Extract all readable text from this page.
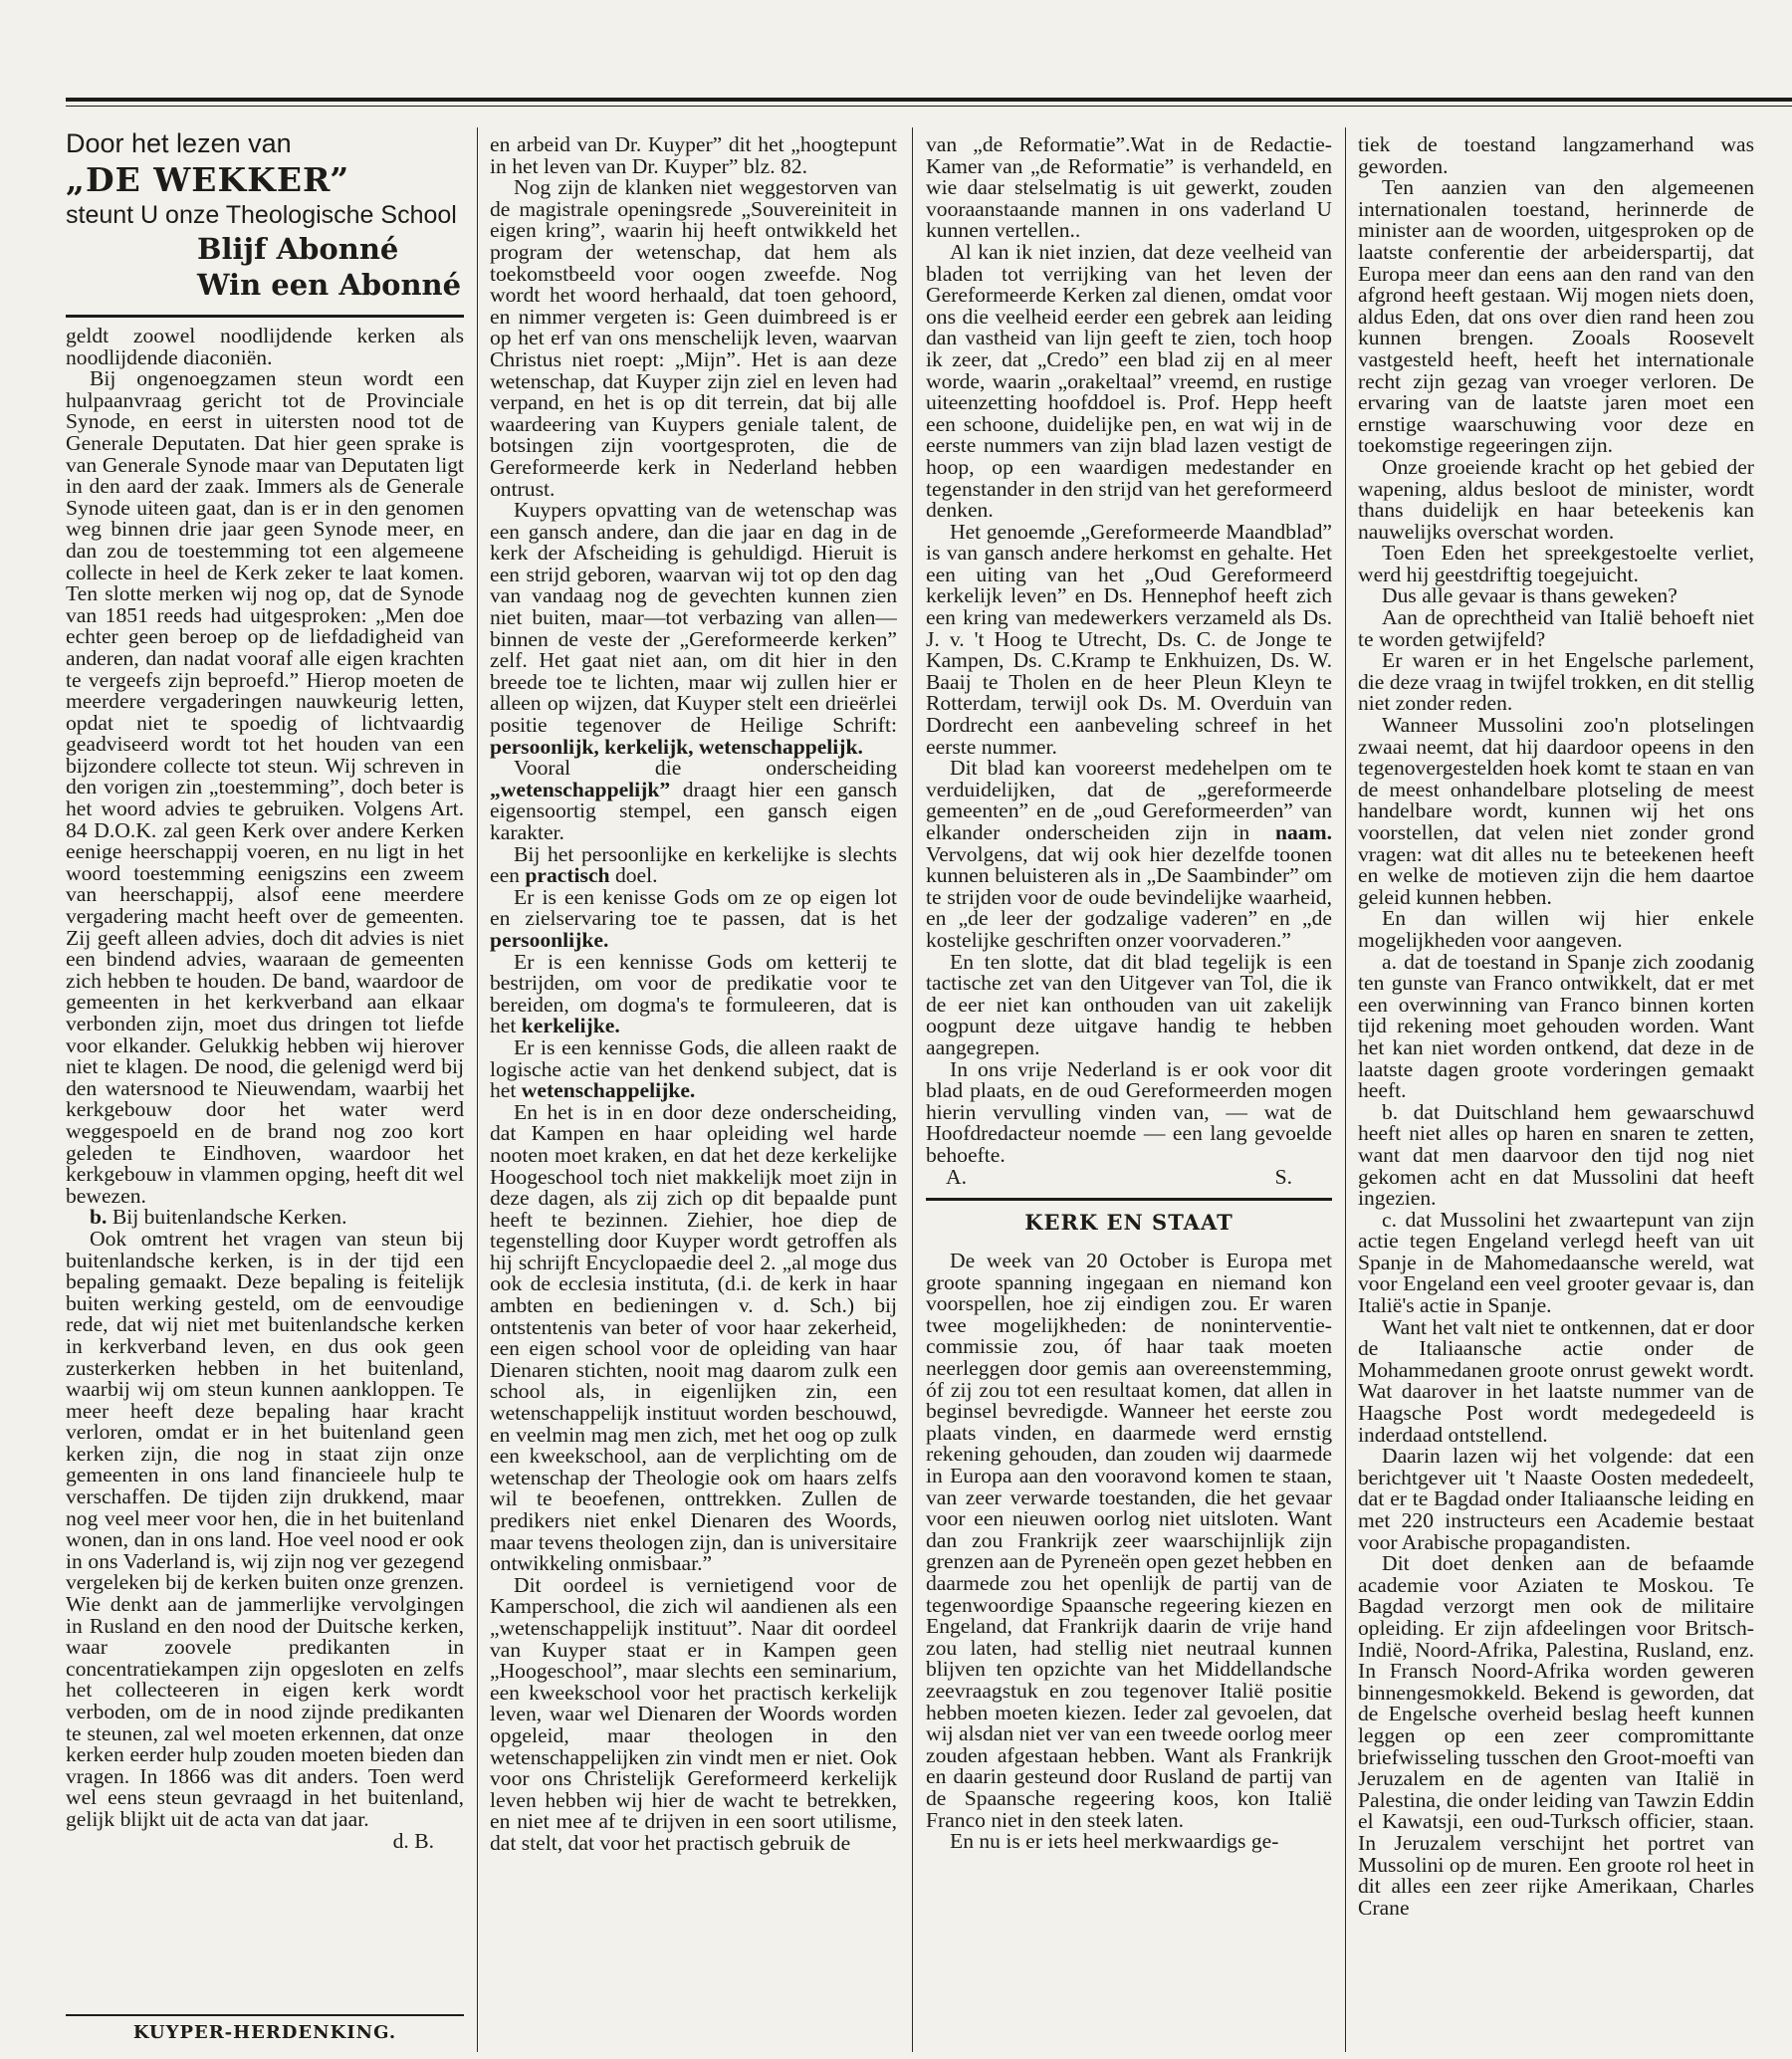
Door het lezen van
„DE WEKKER”
steunt U onze Theologische School
Blijf Abonné
Win een Abonné

geldt zoowel noodlijdende kerken als noodlijdende diaconiën.

Bij ongenoegzamen steun wordt een hulpaanvraag gericht tot de Provinciale Synode, en eerst in uitersten nood tot de Generale Deputaten. Dat hier geen sprake is van Generale Synode maar van Deputaten ligt in den aard der zaak. Immers als de Generale Synode uiteen gaat, dan is er in den genomen weg binnen drie jaar geen Synode meer, en dan zou de toestemming tot een algemeene collecte in heel de Kerk zeker te laat komen. Ten slotte merken wij nog op, dat de Synode van 1851 reeds had uitgesproken: „Men doe echter geen beroep op de liefdadigheid van anderen, dan nadat vooraf alle eigen krachten te vergeefs zijn beproefd.” Hierop moeten de meerdere vergaderingen nauwkeurig letten, opdat niet te spoedig of lichtvaardig geadviseerd wordt tot het houden van een bijzondere collecte tot steun. Wij schreven in den vorigen zin „toestemming”, doch beter is het woord advies te gebruiken. Volgens Art. 84 D.O.K. zal geen Kerk over andere Kerken eenige heerschappij voeren, en nu ligt in het woord toestemming eenigszins een zweem van heerschappij, alsof eene meerdere vergadering macht heeft over de gemeenten. Zij geeft alleen advies, doch dit advies is niet een bindend advies, waaraan de gemeenten zich hebben te houden. De band, waardoor de gemeenten in het kerkverband aan elkaar verbonden zijn, moet dus dringen tot liefde voor elkander. Gelukkig hebben wij hierover niet te klagen. De nood, die gelenigd werd bij den watersnood te Nieuwendam, waarbij het kerkgebouw door het water werd weggespoeld en de brand nog zoo kort geleden te Eindhoven, waardoor het kerkgebouw in vlammen opging, heeft dit wel bewezen.

b. Bij buitenlandsche Kerken.

Ook omtrent het vragen van steun bij buitenlandsche kerken, is in der tijd een bepaling gemaakt. Deze bepaling is feitelijk buiten werking gesteld, om de eenvoudige rede, dat wij niet met buitenlandsche kerken in kerkverband leven, en dus ook geen zusterkerken hebben in het buitenland, waarbij wij om steun kunnen aankloppen. Te meer heeft deze bepaling haar kracht verloren, omdat er in het buitenland geen kerken zijn, die nog in staat zijn onze gemeenten in ons land financieele hulp te verschaffen. De tijden zijn drukkend, maar nog veel meer voor hen, die in het buitenland wonen, dan in ons land. Hoe veel nood er ook in ons Vaderland is, wij zijn nog ver gezegend vergeleken bij de kerken buiten onze grenzen. Wie denkt aan de jammerlijke vervolgingen in Rusland en den nood der Duitsche kerken, waar zoovele predikanten in concentratiekampen zijn opgesloten en zelfs het collecteeren in eigen kerk wordt verboden, om de in nood zijnde predikanten te steunen, zal wel moeten erkennen, dat onze kerken eerder hulp zouden moeten bieden dan vragen. In 1866 was dit anders. Toen werd wel eens steun gevraagd in het buitenland, gelijk blijkt uit de acta van dat jaar.

d. B.
KUYPER-HERDENKING.

en arbeid van Dr. Kuyper” dit het „hoogtepunt in het leven van Dr. Kuyper” blz. 82.

Nog zijn de klanken niet weggestorven van de magistrale openingsrede „Souvereiniteit in eigen kring”, waarin hij heeft ontwikkeld het program der wetenschap, dat hem als toekomstbeeld voor oogen zweefde. Nog wordt het woord herhaald, dat toen gehoord, en nimmer vergeten is: Geen duimbreed is er op het erf van ons menschelijk leven, waarvan Christus niet roept: „Mijn”. Het is aan deze wetenschap, dat Kuyper zijn ziel en leven had verpand, en het is op dit terrein, dat bij alle waardeering van Kuypers geniale talent, de botsingen zijn voortgesproten, die de Gereformeerde kerk in Nederland hebben ontrust.

Kuypers opvatting van de wetenschap was een gansch andere, dan die jaar en dag in de kerk der Afscheiding is gehuldigd. Hieruit is een strijd geboren, waarvan wij tot op den dag van vandaag nog de gevechten kunnen zien niet buiten, maar—tot verbazing van allen—binnen de veste der „Gereformeerde kerken” zelf. Het gaat niet aan, om dit hier in den breede toe te lichten, maar wij zullen hier er alleen op wijzen, dat Kuyper stelt een drieërlei positie tegenover de Heilige Schrift: persoonlijk, kerkelijk, wetenschappelijk.

Vooral die onderscheiding „wetenschappelijk” draagt hier een gansch eigensoortig stempel, een gansch eigen karakter.

Bij het persoonlijke en kerkelijke is slechts een practisch doel.

Er is een kenisse Gods om ze op eigen lot en zielservaring toe te passen, dat is het persoonlijke.

Er is een kennisse Gods om ketterij te bestrijden, om voor de predikatie voor te bereiden, om dogma's te formuleeren, dat is het kerkelijke.

Er is een kennisse Gods, die alleen raakt de logische actie van het denkend subject, dat is het wetenschappelijke.

En het is in en door deze onderscheiding, dat Kampen en haar opleiding wel harde nooten moet kraken, en dat het deze kerkelijke Hoogeschool toch niet makkelijk moet zijn in deze dagen, als zij zich op dit bepaalde punt heeft te bezinnen. Ziehier, hoe diep de tegenstelling door Kuyper wordt getroffen als hij schrijft Encyclopaedie deel 2. „al moge dus ook de ecclesia instituta, (d.i. de kerk in haar ambten en bedieningen v. d. Sch.) bij ontstentenis van beter of voor haar zekerheid, een eigen school voor de opleiding van haar Dienaren stichten, nooit mag daarom zulk een school als, in eigenlijken zin, een wetenschappelijk instituut worden beschouwd, en veelmin mag men zich, met het oog op zulk een kweekschool, aan de verplichting om de wetenschap der Theologie ook om haars zelfs wil te beoefenen, onttrekken. Zullen de predikers niet enkel Dienaren des Woords, maar tevens theologen zijn, dan is universitaire ontwikkeling onmisbaar.”

Dit oordeel is vernietigend voor de Kamperschool, die zich wil aandienen als een „wetenschappelijk instituut”. Naar dit oordeel van Kuyper staat er in Kampen geen „Hoogeschool”, maar slechts een seminarium, een kweekschool voor het practisch kerkelijk leven, waar wel Dienaren der Woords worden opgeleid, maar theologen in den wetenschappelijken zin vindt men er niet. Ook voor ons Christelijk Gereformeerd kerkelijk leven hebben wij hier de wacht te betrekken, en niet mee af te drijven in een soort utilisme, dat stelt, dat voor het practisch gebruik de

van „de Reformatie”.Wat in de Redactie-Kamer van „de Reformatie” is verhandeld, en wie daar stelselmatig is uit gewerkt, zouden vooraanstaande mannen in ons vaderland U kunnen vertellen..

Al kan ik niet inzien, dat deze veelheid van bladen tot verrijking van het leven der Gereformeerde Kerken zal dienen, omdat voor ons die veelheid eerder een gebrek aan leiding dan vastheid van lijn geeft te zien, toch hoop ik zeer, dat „Credo” een blad zij en al meer worde, waarin „orakeltaal” vreemd, en rustige uiteenzetting hoofddoel is. Prof. Hepp heeft een schoone, duidelijke pen, en wat wij in de eerste nummers van zijn blad lazen vestigt de hoop, op een waardigen medestander en tegenstander in den strijd van het gereformeerd denken.

Het genoemde „Gereformeerde Maandblad” is van gansch andere herkomst en gehalte. Het een uiting van het „Oud Gereformeerd kerkelijk leven” en Ds. Hennephof heeft zich een kring van medewerkers verzameld als Ds. J. v. 't Hoog te Utrecht, Ds. C. de Jonge te Kampen, Ds. C.Kramp te Enkhuizen, Ds. W. Baaij te Tholen en de heer Pleun Kleyn te Rotterdam, terwijl ook Ds. M. Overduin van Dordrecht een aanbeveling schreef in het eerste nummer.

Dit blad kan vooreerst medehelpen om te verduidelijken, dat de „gereformeerde gemeenten” en de „oud Gereformeerden” van elkander onderscheiden zijn in naam. Vervolgens, dat wij ook hier dezelfde toonen kunnen beluisteren als in „De Saambinder” om te strijden voor de oude bevindelijke waarheid, en „de leer der godzalige vaderen” en „de kostelijke geschriften onzer voorvaderen.”

En ten slotte, dat dit blad tegelijk is een tactische zet van den Uitgever van Tol, die ik de eer niet kan onthouden van uit zakelijk oogpunt deze uitgave handig te hebben aangegrepen.

In ons vrije Nederland is er ook voor dit blad plaats, en de oud Gereformeerden mogen hierin vervulling vinden van, — wat de Hoofdredacteur noemde — een lang gevoelde behoefte.

A.	S.
KERK EN STAAT

De week van 20 October is Europa met groote spanning ingegaan en niemand kon voorspellen, hoe zij eindigen zou. Er waren twee mogelijkheden: de noninterventie-commissie zou, óf haar taak moeten neerleggen door gemis aan overeenstemming, óf zij zou tot een resultaat komen, dat allen in beginsel bevredigde. Wanneer het eerste zou plaats vinden, en daarmede werd ernstig rekening gehouden, dan zouden wij daarmede in Europa aan den vooravond komen te staan, van zeer verwarde toestanden, die het gevaar voor een nieuwen oorlog niet uitsloten. Want dan zou Frankrijk zeer waarschijnlijk zijn grenzen aan de Pyreneën open gezet hebben en daarmede zou het openlijk de partij van de tegenwoordige Spaansche regeering kiezen en Engeland, dat Frankrijk daarin de vrije hand zou laten, had stellig niet neutraal kunnen blijven ten opzichte van het Middellandsche zeevraagstuk en zou tegenover Italië positie hebben moeten kiezen. Ieder zal gevoelen, dat wij alsdan niet ver van een tweede oorlog meer zouden afgestaan hebben. Want als Frankrijk en daarin gesteund door Rusland de partij van de Spaansche regeering koos, kon Italië Franco niet in den steek laten.

En nu is er iets heel merkwaardigs ge-

tiek de toestand langzamerhand was geworden.

Ten aanzien van den algemeenen internationalen toestand, herinnerde de minister aan de woorden, uitgesproken op de laatste conferentie der arbeiderspartij, dat Europa meer dan eens aan den rand van den afgrond heeft gestaan. Wij mogen niets doen, aldus Eden, dat ons over dien rand heen zou kunnen brengen. Zooals Roosevelt vastgesteld heeft, heeft het internationale recht zijn gezag van vroeger verloren. De ervaring van de laatste jaren moet een ernstige waarschuwing voor deze en toekomstige regeeringen zijn.

Onze groeiende kracht op het gebied der wapening, aldus besloot de minister, wordt thans duidelijk en haar beteekenis kan nauwelijks overschat worden.

Toen Eden het spreekgestoelte verliet, werd hij geestdriftig toegejuicht.

Dus alle gevaar is thans geweken?

Aan de oprechtheid van Italië behoeft niet te worden getwijfeld?

Er waren er in het Engelsche parlement, die deze vraag in twijfel trokken, en dit stellig niet zonder reden.

Wanneer Mussolini zoo'n plotselingen zwaai neemt, dat hij daardoor opeens in den tegenovergestelden hoek komt te staan en van de meest onhandelbare plotseling de meest handelbare wordt, kunnen wij het ons voorstellen, dat velen niet zonder grond vragen: wat dit alles nu te beteekenen heeft en welke de motieven zijn die hem daartoe geleid kunnen hebben.

En dan willen wij hier enkele mogelijkheden voor aangeven.

a. dat de toestand in Spanje zich zoodanig ten gunste van Franco ontwikkelt, dat er met een overwinning van Franco binnen korten tijd rekening moet gehouden worden. Want het kan niet worden ontkend, dat deze in de laatste dagen groote vorderingen gemaakt heeft.

b. dat Duitschland hem gewaarschuwd heeft niet alles op haren en snaren te zetten, want dat men daarvoor den tijd nog niet gekomen acht en dat Mussolini dat heeft ingezien.

c. dat Mussolini het zwaartepunt van zijn actie tegen Engeland verlegd heeft van uit Spanje in de Mahomedaansche wereld, wat voor Engeland een veel grooter gevaar is, dan Italië's actie in Spanje.

Want het valt niet te ontkennen, dat er door de Italiaansche actie onder de Mohammedanen groote onrust gewekt wordt. Wat daarover in het laatste nummer van de Haagsche Post wordt medegedeeld is inderdaad ontstellend.

Daarin lazen wij het volgende: dat een berichtgever uit 't Naaste Oosten mededeelt, dat er te Bagdad onder Italiaansche leiding en met 220 instructeurs een Academie bestaat voor Arabische propagandisten.

Dit doet denken aan de befaamde academie voor Aziaten te Moskou. Te Bagdad verzorgt men ook de militaire opleiding. Er zijn afdeelingen voor Britsch-Indië, Noord-Afrika, Palestina, Rusland, enz. In Fransch Noord-Afrika worden geweren binnengesmokkeld. Bekend is geworden, dat de Engelsche overheid beslag heeft kunnen leggen op een zeer compromittante briefwisseling tusschen den Groot-moefti van Jeruzalem en de agenten van Italië in Palestina, die onder leiding van Tawzin Eddin el Kawatsji, een oud-Turksch officier, staan. In Jeruzalem verschijnt het portret van Mussolini op de muren. Een groote rol heet in dit alles een zeer rijke Amerikaan, Charles Crane
